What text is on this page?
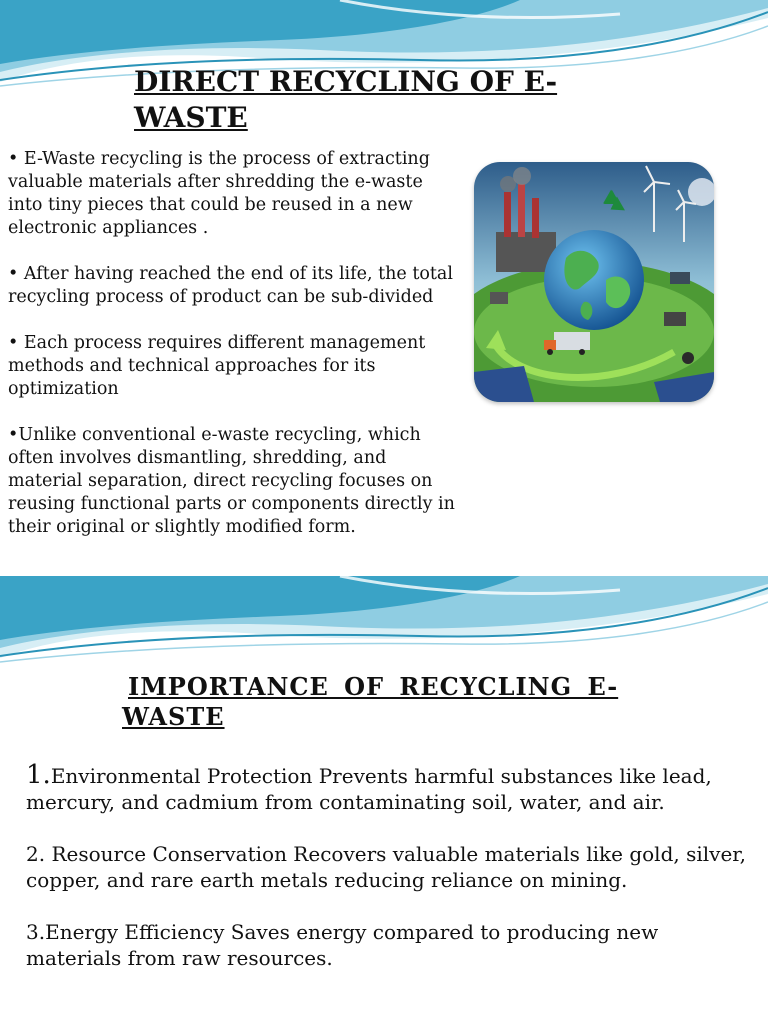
DIRECT RECYCLING OF E-WASTE

• E-Waste recycling is the process of extracting valuable materials after shredding the e-waste into tiny pieces that could be reused in a new electronic appliances .

• After having reached the end of its life, the total recycling process of product can be sub-divided

• Each process requires different management methods and technical approaches for its optimization

•Unlike conventional e-waste recycling, which often involves dismantling, shredding, and material separation, direct recycling focuses on reusing functional parts or components directly in their original or slightly modified form.

IMPORTANCE OF RECYCLING E-WASTE

1.Environmental Protection Prevents harmful substances like lead, mercury, and cadmium from contaminating soil, water, and air.

2. Resource Conservation Recovers valuable materials like gold, silver, copper, and rare earth metals reducing reliance on mining.

3.Energy Efficiency Saves energy compared to producing new materials from raw resources.
